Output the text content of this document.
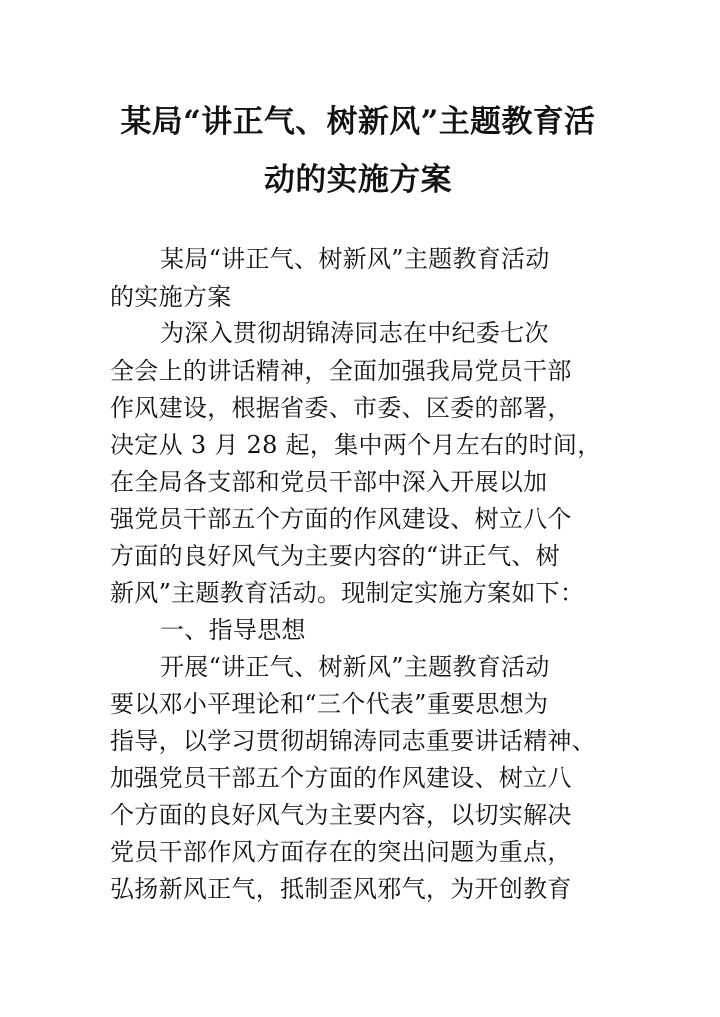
某局“讲正气、树新风”主题教育活
动的实施方案
某局“讲正气、树新风”主题教育活动
的实施方案
为深入贯彻胡锦涛同志在中纪委七次
全会上的讲话精神，全面加强我局党员干部
作风建设，根据省委、市委、区委的部署，
决定从 3 月 28 起，集中两个月左右的时间，
在全局各支部和党员干部中深入开展以加
强党员干部五个方面的作风建设、树立八个
方面的良好风气为主要内容的“讲正气、树
新风”主题教育活动。现制定实施方案如下：
一、指导思想
开展“讲正气、树新风”主题教育活动
要以邓小平理论和“三个代表”重要思想为
指导，以学习贯彻胡锦涛同志重要讲话精神、
加强党员干部五个方面的作风建设、树立八
个方面的良好风气为主要内容，以切实解决
党员干部作风方面存在的突出问题为重点，
弘扬新风正气，抵制歪风邪气，为开创教育
